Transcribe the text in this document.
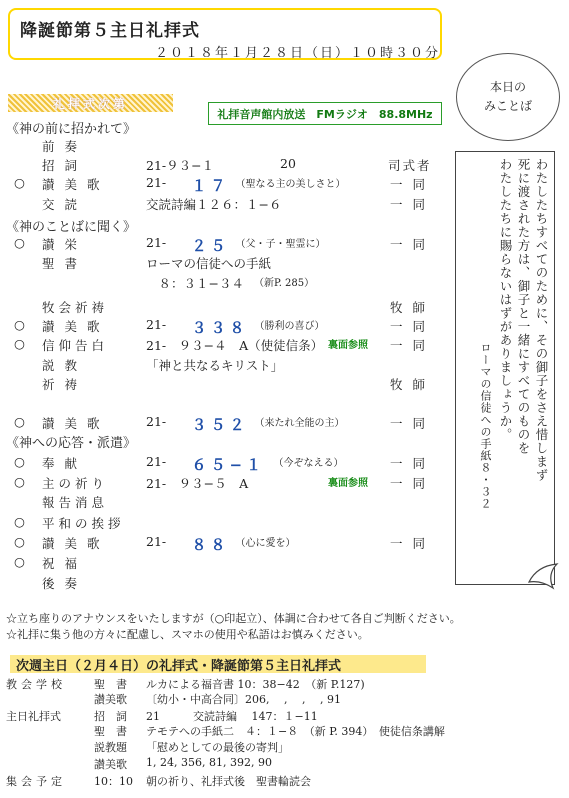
降誕節第５主日礼拝式
２０１８年１月２８日（日）１０時３０分
本日の
みことば
礼拝式次第
礼拝音声館内放送　FMラジオ　88.8MHz
《神の前に招かれて》
《神のことばに聞く》
《神への応答・派遣》
前奏
招詞	21-９３−１	20	司式者
○ 讃美歌	21- １７ （聖なる主の美しさと）	一同
交読	交読詩編１２６：１−６	一同
○ 讃栄	21- ２５ （父・子・聖霊に）	一同
聖書	ローマの信徒への手紙
　８：３１−３４ （新P. 285）
牧会祈祷	牧師
○ 讃美歌	21- ３３８ （勝利の喜び）	一同
○ 信仰告白	21-　９３−４　A（使徒信条） 裏面参照 一同
説教	「神と共なるキリスト」
祈祷	牧師
○ 讃美歌	21- ３５２ （来たれ全能の主）	一同
○ 奉献	21- ６５−１ （今ぞなえる）	一同
○ 主の祈り	21-　９３−５　A	裏面参照 一同
報告消息
○ 平和の挨拶
○ 讃美歌	21- ８８ （心に愛を）	一同
○ 祝福
後奏
わたしたちすべてのために、その御子をさえ惜しまず
死に渡された方は、御子と一緒にすべてのものを
わたしたちに賜らないはずがありましょうか。
ローマの信徒への手紙８・３２
☆立ち座りのアナウンスをいたしますが（○印起立）、体調に合わせて各自ご判断ください。
☆礼拝に集う他の方々に配慮し、スマホの使用や私語はお慎みください。
次週主日（２月４日）の礼拝式・降誕節第５主日礼拝式
教会学校	聖　書 ルカによる福音書 10：38−42　（新 P.127)
讃美歌 〔幼小・中高合同〕206,　 ,　 ,　 , 91
主日礼拝式	招　詞 21　　　交読詩編　 147：１−11
聖　書 テモテへの手紙二　４：１−８　（新 P. 394）　使徒信条講解
説教題 「慰めとしての最後の寄判」
讃美歌 1, 24, 356, 81, 392, 90
集会予定	10：10 朝の祈り、礼拝式後　聖書輪読会
